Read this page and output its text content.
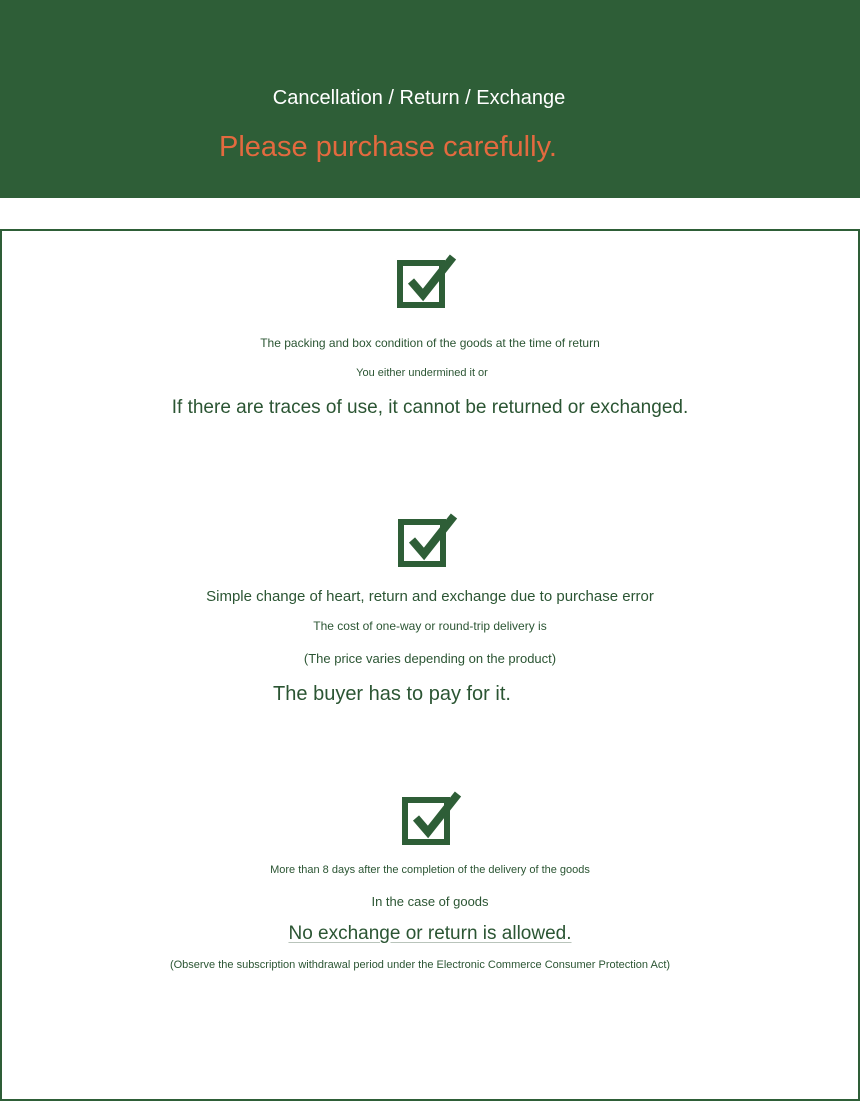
Cancellation / Return / Exchange
Please purchase carefully.
The packing and box condition of the goods at the time of return
You either undermined it or
If there are traces of use, it cannot be returned or exchanged.
Simple change of heart, return and exchange due to purchase error
The cost of one-way or round-trip delivery is
(The price varies depending on the product)
The buyer has to pay for it.
More than 8 days after the completion of the delivery of the goods
In the case of goods
No exchange or return is allowed.
(Observe the subscription withdrawal period under the Electronic Commerce Consumer Protection Act)
